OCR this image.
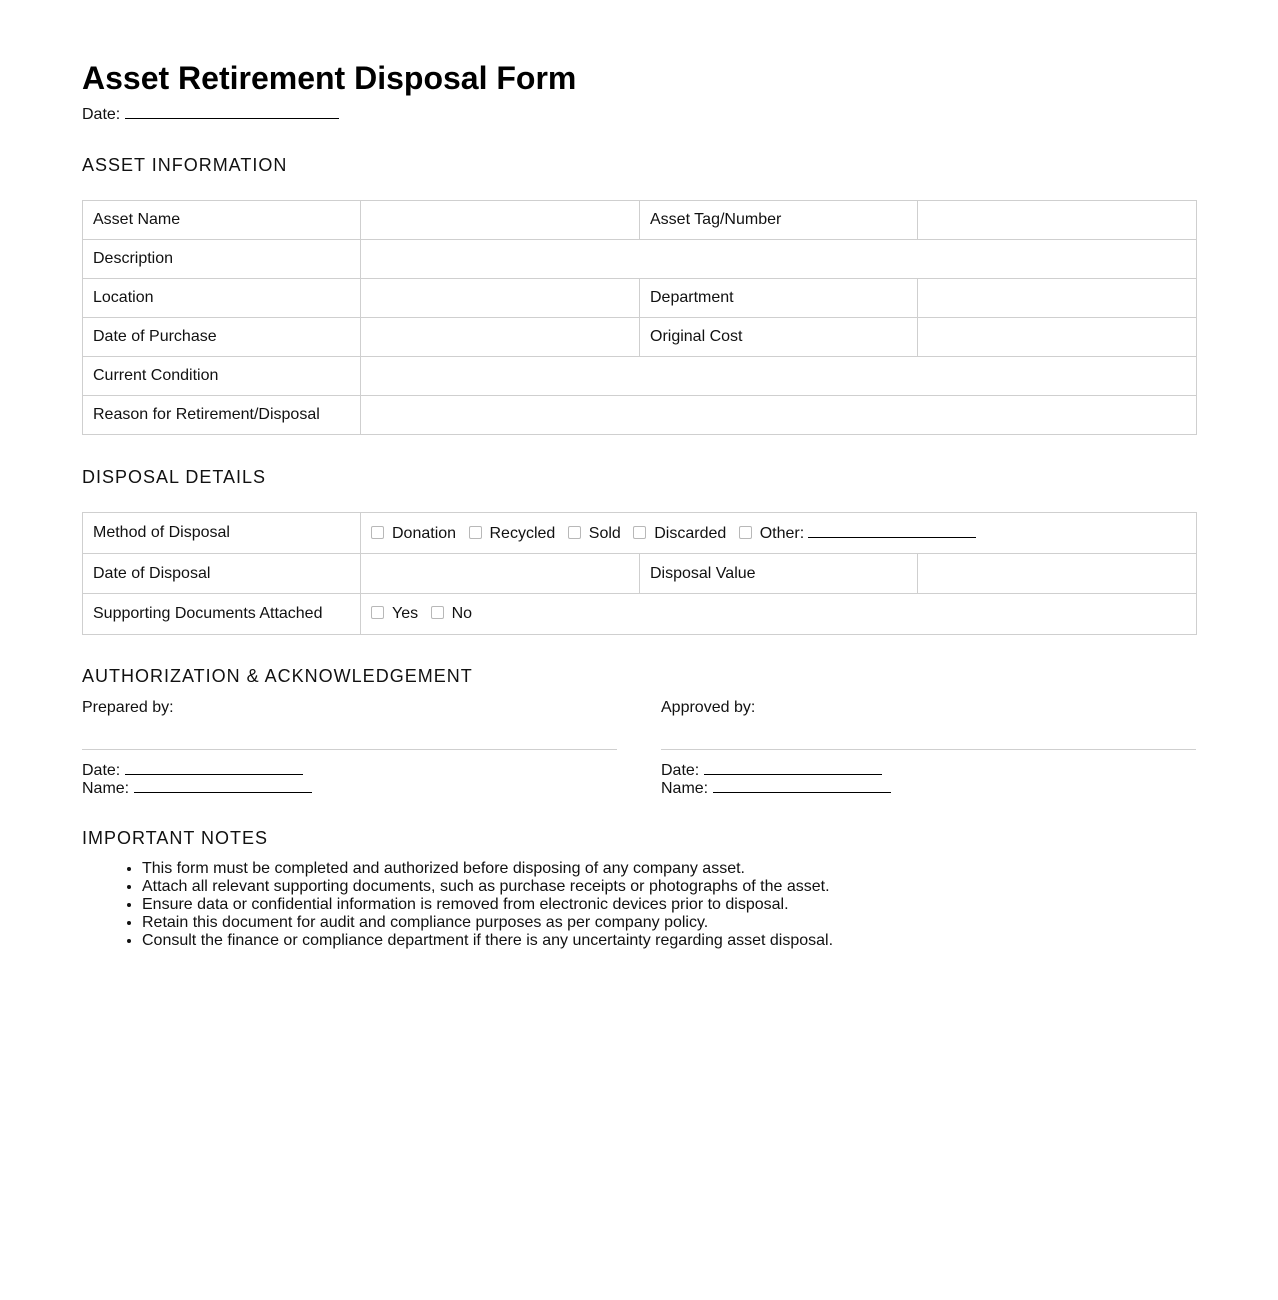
Asset Retirement Disposal Form
Date:
ASSET INFORMATION
Asset Name		Asset Tag/Number	
Description			
Location		Department	
Date of Purchase		Original Cost	
Current Condition			
Reason for Retirement/Disposal			
DISPOSAL DETAILS
Method of Disposal	Donation Recycled Sold Discarded Other:		
Date of Disposal		Disposal Value	
Supporting Documents Attached	Yes No		
AUTHORIZATION & ACKNOWLEDGEMENT
Prepared by:
Date:
Name:
Approved by:
Date:
Name:
IMPORTANT NOTES
• This form must be completed and authorized before disposing of any company asset.
• Attach all relevant supporting documents, such as purchase receipts or photographs of the asset.
• Ensure data or confidential information is removed from electronic devices prior to disposal.
• Retain this document for audit and compliance purposes as per company policy.
• Consult the finance or compliance department if there is any uncertainty regarding asset disposal.
